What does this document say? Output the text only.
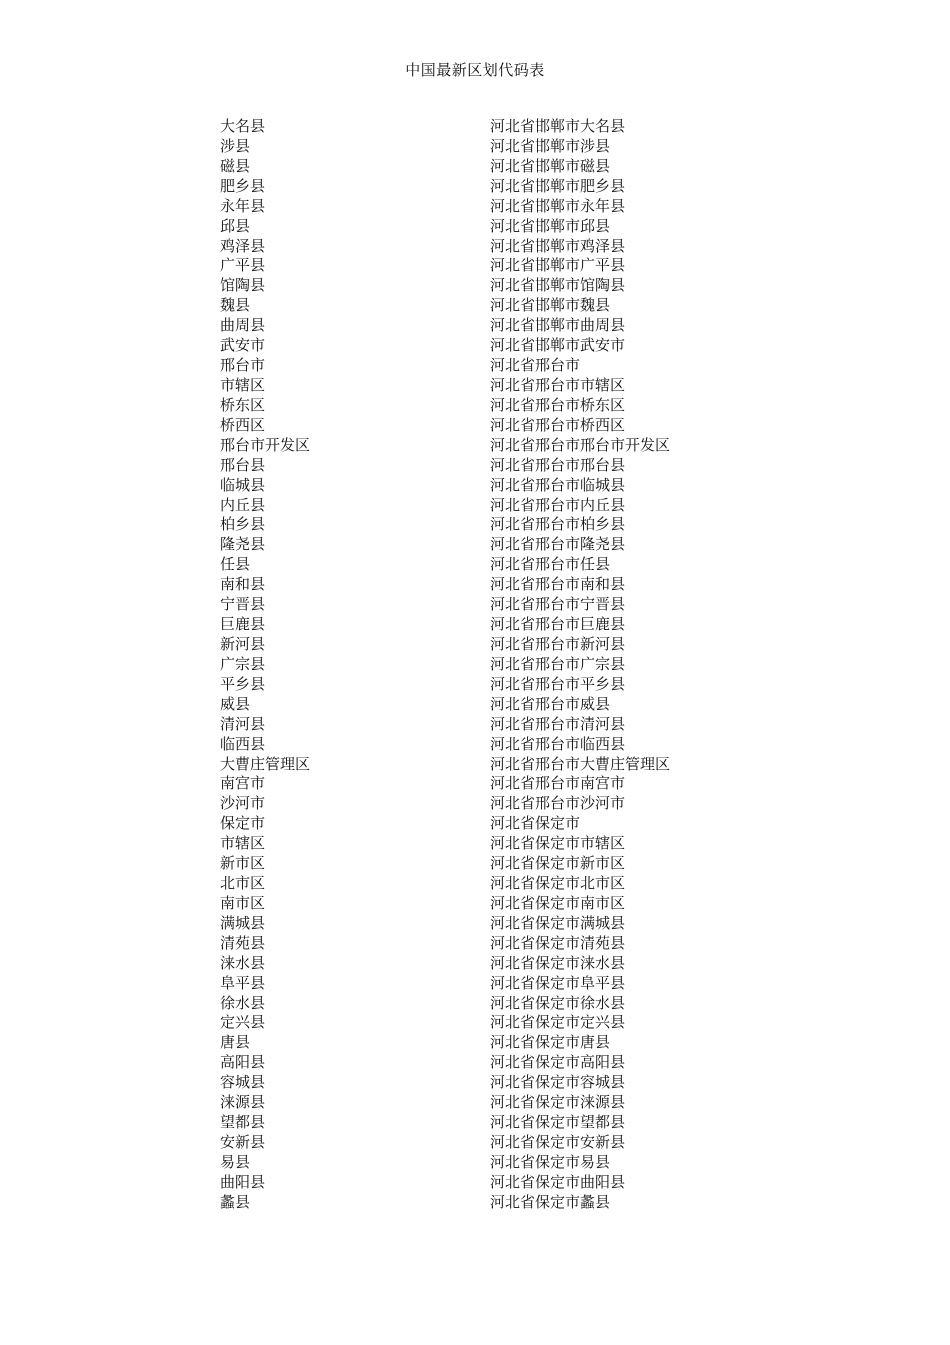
中国最新区划代码表
大名县	河北省邯郸市大名县
涉县	河北省邯郸市涉县
磁县	河北省邯郸市磁县
肥乡县	河北省邯郸市肥乡县
永年县	河北省邯郸市永年县
邱县	河北省邯郸市邱县
鸡泽县	河北省邯郸市鸡泽县
广平县	河北省邯郸市广平县
馆陶县	河北省邯郸市馆陶县
魏县	河北省邯郸市魏县
曲周县	河北省邯郸市曲周县
武安市	河北省邯郸市武安市
邢台市	河北省邢台市
市辖区	河北省邢台市市辖区
桥东区	河北省邢台市桥东区
桥西区	河北省邢台市桥西区
邢台市开发区	河北省邢台市邢台市开发区
邢台县	河北省邢台市邢台县
临城县	河北省邢台市临城县
内丘县	河北省邢台市内丘县
柏乡县	河北省邢台市柏乡县
隆尧县	河北省邢台市隆尧县
任县	河北省邢台市任县
南和县	河北省邢台市南和县
宁晋县	河北省邢台市宁晋县
巨鹿县	河北省邢台市巨鹿县
新河县	河北省邢台市新河县
广宗县	河北省邢台市广宗县
平乡县	河北省邢台市平乡县
威县	河北省邢台市威县
清河县	河北省邢台市清河县
临西县	河北省邢台市临西县
大曹庄管理区	河北省邢台市大曹庄管理区
南宫市	河北省邢台市南宫市
沙河市	河北省邢台市沙河市
保定市	河北省保定市
市辖区	河北省保定市市辖区
新市区	河北省保定市新市区
北市区	河北省保定市北市区
南市区	河北省保定市南市区
满城县	河北省保定市满城县
清苑县	河北省保定市清苑县
涞水县	河北省保定市涞水县
阜平县	河北省保定市阜平县
徐水县	河北省保定市徐水县
定兴县	河北省保定市定兴县
唐县	河北省保定市唐县
高阳县	河北省保定市高阳县
容城县	河北省保定市容城县
涞源县	河北省保定市涞源县
望都县	河北省保定市望都县
安新县	河北省保定市安新县
易县	河北省保定市易县
曲阳县	河北省保定市曲阳县
蠡县	河北省保定市蠡县
